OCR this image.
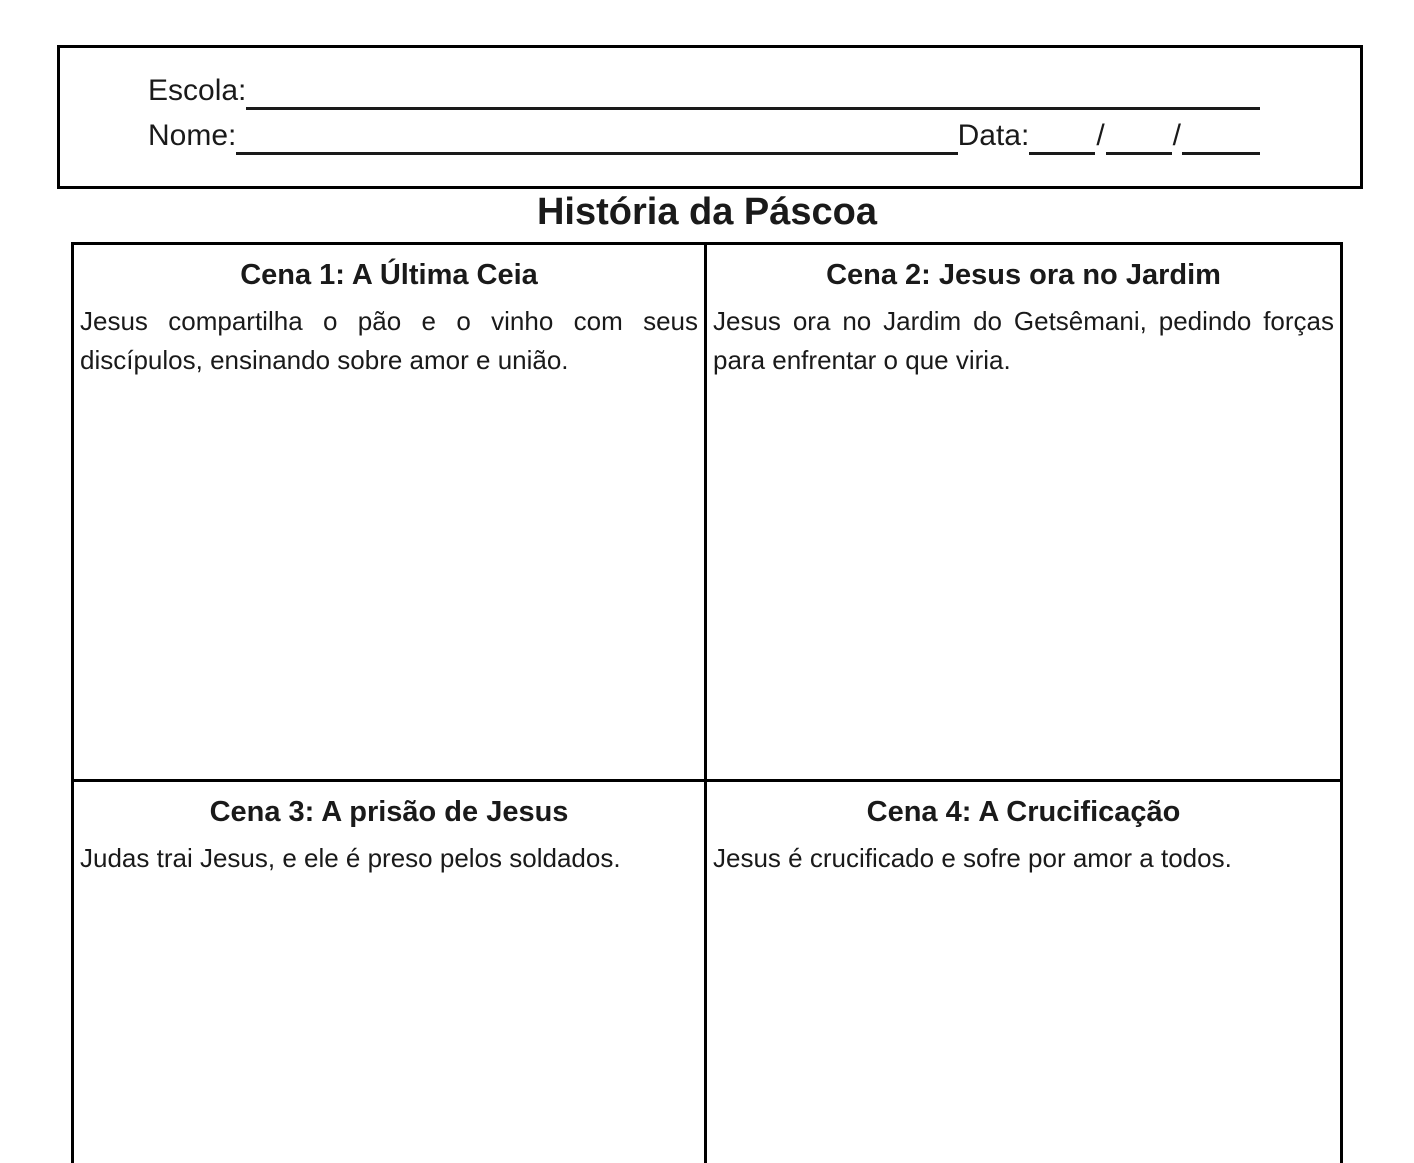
Escola:
Nome:	Data: / /
História da Páscoa
Cena 1: A Última Ceia
Jesus compartilha o pão e o vinho com seus discípulos, ensinando sobre amor e união.
Cena 2: Jesus ora no Jardim
Jesus ora no Jardim do Getsêmani, pedindo forças para enfrentar o que viria.
Cena 3: A prisão de Jesus
Judas trai Jesus, e ele é preso pelos soldados.
Cena 4: A Crucificação
Jesus é crucificado e sofre por amor a todos.
